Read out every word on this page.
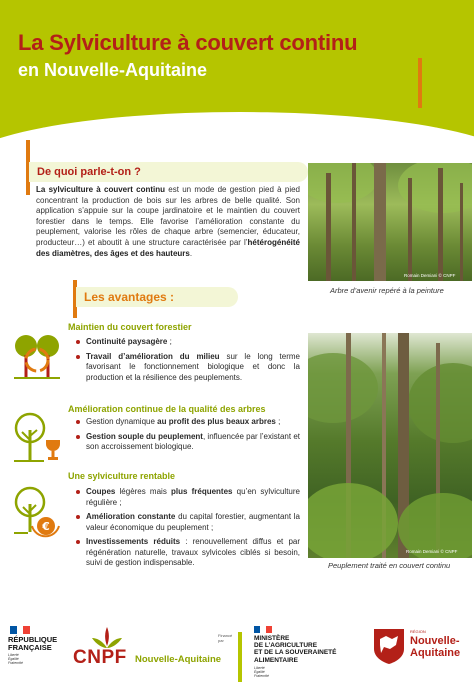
La Sylviculture à couvert continu
en Nouvelle-Aquitaine
De quoi parle-t-on ?
La sylviculture à couvert continu est un mode de gestion pied à pied concentrant la production de bois sur les arbres de belle qualité. Son application s’appuie sur la coupe jardinatoire et le maintien du couvert forestier dans le temps. Elle favorise l’amélioration constante du peuplement, valorise les rôles de chaque arbre (semencier, éducateur, producteur…) et aboutit à une structure caractérisée par l’hétérogénéité des diamètres, des âges et des hauteurs.
Romain Demiani © CNPF
Arbre d’avenir repéré à la peinture
Les avantages :
Maintien du couvert forestier
Continuité paysagère ;
Travail d’amélioration du milieu sur le long terme favorisant le fonctionnement biologique et donc la production et la résilience des peuplements.
Amélioration continue de la qualité des arbres
Gestion dynamique au profit des plus beaux arbres ;
Gestion souple du peuplement, influencée par l’existant et son accroissement biologique.
€
Une sylviculture rentable
Coupes légères mais plus fréquentes qu’en sylviculture régulière ;
Amélioration constante du capital forestier, augmentant la valeur économique du peuplement ;
Investissements réduits : renouvellement diffus et par régénération naturelle, travaux sylvicoles ciblés si besoin, suivi de gestion indispensable.
Romain Demiani © CNPF
Peuplement traité en couvert continu
RÉPUBLIQUE
FRANÇAISE
Liberté
Égalité
Fraternité	CNPF Nouvelle-Aquitaine
Financé
par	MINISTÈRE
DE L’AGRICULTURE
ET DE LA SOUVERAINETÉ
ALIMENTAIRE
Liberté
Égalité
Fraternité
RÉGION
Nouvelle-
Aquitaine
